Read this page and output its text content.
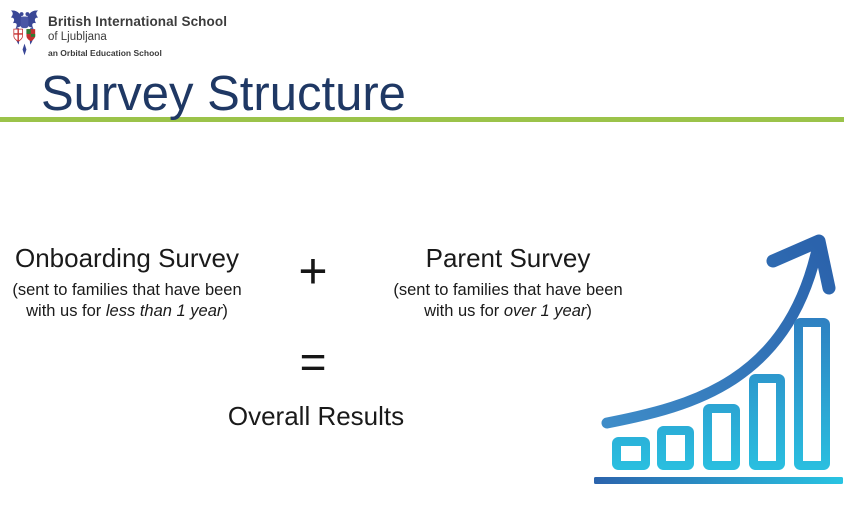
British International School
of Ljubljana
an Orbital Education School
Survey Structure
Onboarding Survey

(sent to families that have been
with us for less than 1 year)

+	Parent Survey

(sent to families that have been
with us for over 1 year)

=
Overall Results
